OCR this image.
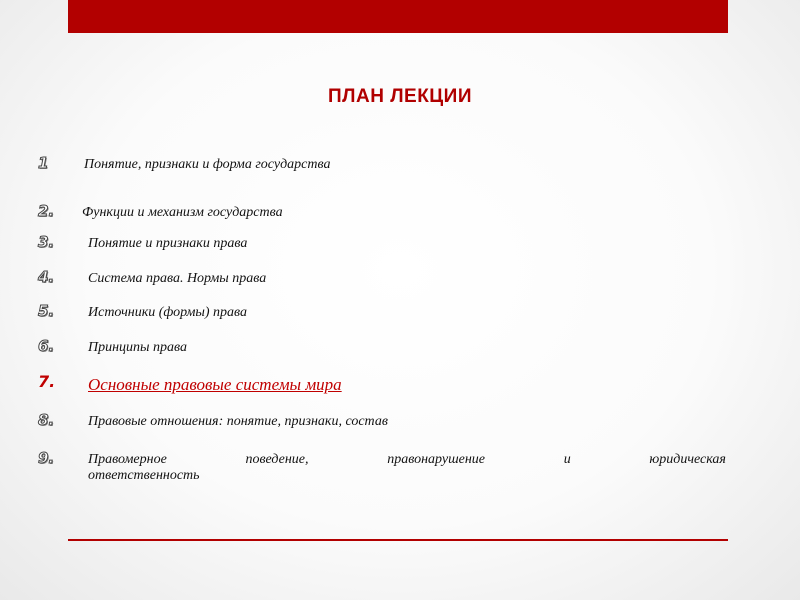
ПЛАН ЛЕКЦИИ
1	Понятие, признаки и форма государства
2. Функции и механизм государства
3. Понятие и признаки права
4. Система права. Нормы права
5. Источники (формы) права
6. Принципы права
7. Основные правовые системы мира
8. Правовые отношения: понятие, признаки, состав
9. Правомерное	поведение,	правонарушение	и	юридическая
ответственность
